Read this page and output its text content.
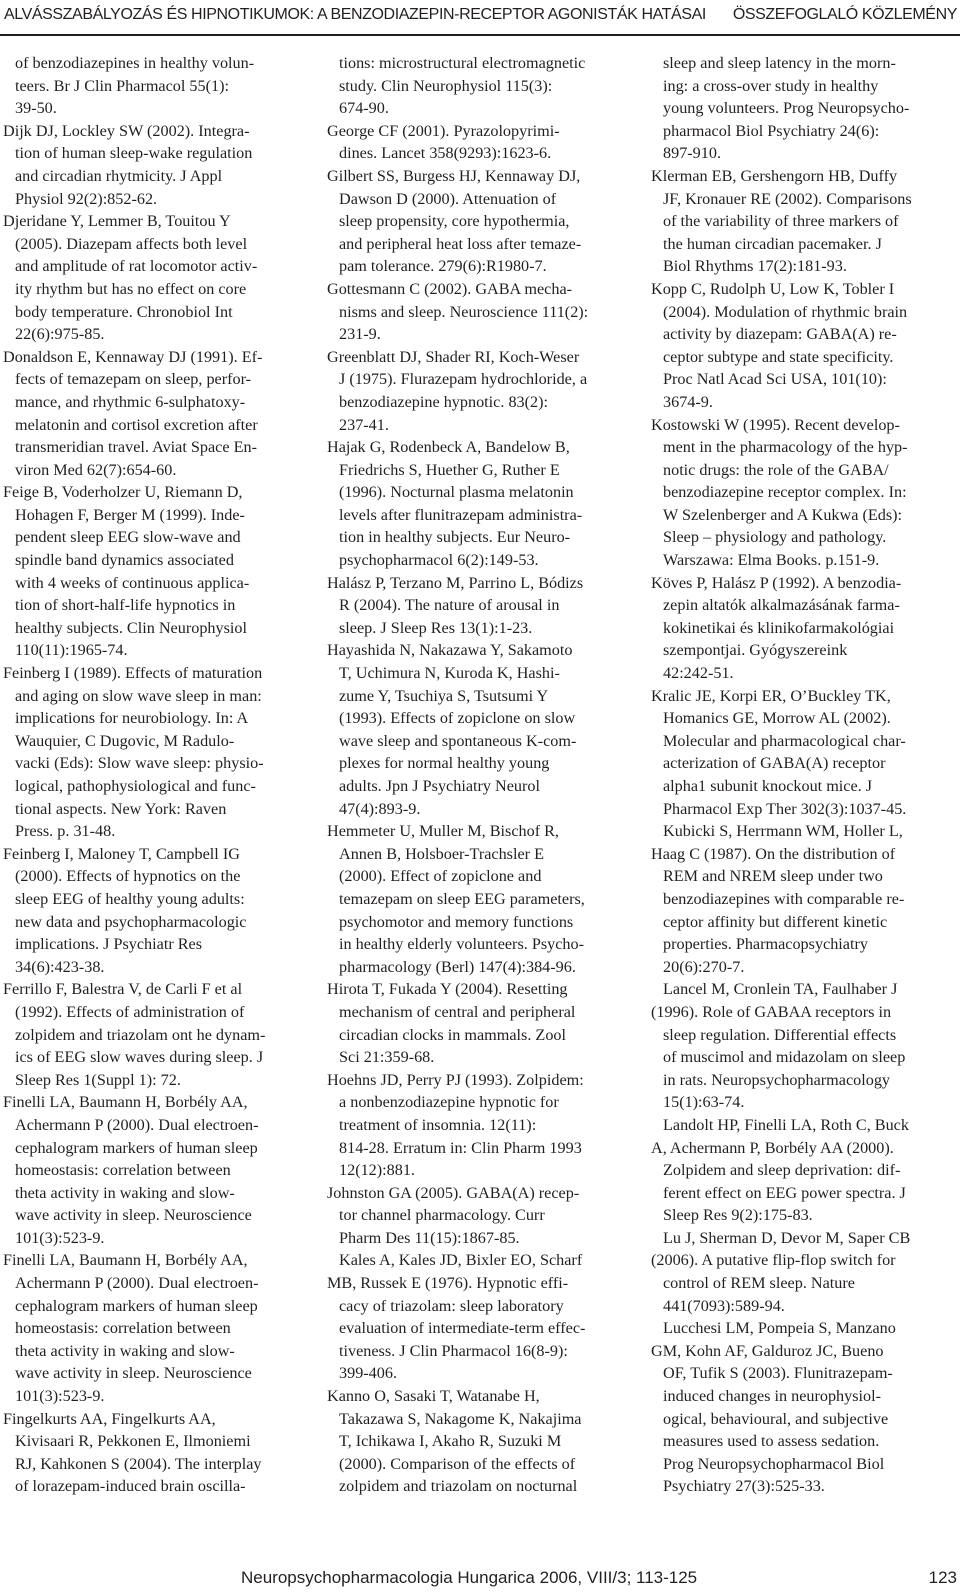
ALVÁSSZABÁLYOZÁS ÉS HIPNOTIKUMOK: A BENZODIAZEPIN-RECEPTOR AGONISTÁK HATÁSAI ÖSSZEFOGLALÓ KÖZLEMÉNY
of benzodiazepines in healthy volun-
teers. Br J Clin Pharmacol 55(1):
39-50.
Dijk DJ, Lockley SW (2002). Integra-
tion of human sleep-wake regulation
and circadian rhytmicity. J Appl
Physiol 92(2):852-62.
Djeridane Y, Lemmer B, Touitou Y
(2005). Diazepam affects both level
and amplitude of rat locomotor activ-
ity rhythm but has no effect on core
body temperature. Chronobiol Int
22(6):975-85.
Donaldson E, Kennaway DJ (1991). Ef-
fects of temazepam on sleep, perfor-
mance, and rhythmic 6-sulphatoxy-
melatonin and cortisol excretion after
transmeridian travel. Aviat Space En-
viron Med 62(7):654-60.
Feige B, Voderholzer U, Riemann D,
Hohagen F, Berger M (1999). Inde-
pendent sleep EEG slow-wave and
spindle band dynamics associated
with 4 weeks of continuous applica-
tion of short-half-life hypnotics in
healthy subjects. Clin Neurophysiol
110(11):1965-74.
Feinberg I (1989). Effects of maturation
and aging on slow wave sleep in man:
implications for neurobiology. In: A
Wauquier, C Dugovic, M Radulo-
vacki (Eds): Slow wave sleep: physio-
logical, pathophysiological and func-
tional aspects. New York: Raven
Press. p. 31-48.
Feinberg I, Maloney T, Campbell IG
(2000). Effects of hypnotics on the
sleep EEG of healthy young adults:
new data and psychopharmacologic
implications. J Psychiatr Res
34(6):423-38.
Ferrillo F, Balestra V, de Carli F et al
(1992). Effects of administration of
zolpidem and triazolam ont he dynam-
ics of EEG slow waves during sleep. J
Sleep Res 1(Suppl 1): 72.
Finelli LA, Baumann H, Borbély AA,
Achermann P (2000). Dual electroen-
cephalogram markers of human sleep
homeostasis: correlation between
theta activity in waking and slow-
wave activity in sleep. Neuroscience
101(3):523-9.
Finelli LA, Baumann H, Borbély AA,
Achermann P (2000). Dual electroen-
cephalogram markers of human sleep
homeostasis: correlation between
theta activity in waking and slow-
wave activity in sleep. Neuroscience
101(3):523-9.
Fingelkurts AA, Fingelkurts AA,
Kivisaari R, Pekkonen E, Ilmoniemi
RJ, Kahkonen S (2004). The interplay
of lorazepam-induced brain oscilla-
tions: microstructural electromagnetic
study. Clin Neurophysiol 115(3):
674-90.
George CF (2001). Pyrazolopyrimi-
dines. Lancet 358(9293):1623-6.
Gilbert SS, Burgess HJ, Kennaway DJ,
Dawson D (2000). Attenuation of
sleep propensity, core hypothermia,
and peripheral heat loss after temaze-
pam tolerance. 279(6):R1980-7.
Gottesmann C (2002). GABA mecha-
nisms and sleep. Neuroscience 111(2):
231-9.
Greenblatt DJ, Shader RI, Koch-Weser
J (1975). Flurazepam hydrochloride, a
benzodiazepine hypnotic. 83(2):
237-41.
Hajak G, Rodenbeck A, Bandelow B,
Friedrichs S, Huether G, Ruther E
(1996). Nocturnal plasma melatonin
levels after flunitrazepam administra-
tion in healthy subjects. Eur Neuro-
psychopharmacol 6(2):149-53.
Halász P, Terzano M, Parrino L, Bódizs
R (2004). The nature of arousal in
sleep. J Sleep Res 13(1):1-23.
Hayashida N, Nakazawa Y, Sakamoto
T, Uchimura N, Kuroda K, Hashi-
zume Y, Tsuchiya S, Tsutsumi Y
(1993). Effects of zopiclone on slow
wave sleep and spontaneous K-com-
plexes for normal healthy young
adults. Jpn J Psychiatry Neurol
47(4):893-9.
Hemmeter U, Muller M, Bischof R,
Annen B, Holsboer-Trachsler E
(2000). Effect of zopiclone and
temazepam on sleep EEG parameters,
psychomotor and memory functions
in healthy elderly volunteers. Psycho-
pharmacology (Berl) 147(4):384-96.
Hirota T, Fukada Y (2004). Resetting
mechanism of central and peripheral
circadian clocks in mammals. Zool
Sci 21:359-68.
Hoehns JD, Perry PJ (1993). Zolpidem:
a nonbenzodiazepine hypnotic for
treatment of insomnia. 12(11):
814-28. Erratum in: Clin Pharm 1993
12(12):881.
Johnston GA (2005). GABA(A) recep-
tor channel pharmacology. Curr
Pharm Des 11(15):1867-85.
Kales A, Kales JD, Bixler EO, Scharf
MB, Russek E (1976). Hypnotic effi-
cacy of triazolam: sleep laboratory
evaluation of intermediate-term effec-
tiveness. J Clin Pharmacol 16(8-9):
399-406.
Kanno O, Sasaki T, Watanabe H,
Takazawa S, Nakagome K, Nakajima
T, Ichikawa I, Akaho R, Suzuki M
(2000). Comparison of the effects of
zolpidem and triazolam on nocturnal
sleep and sleep latency in the morn-
ing: a cross-over study in healthy
young volunteers. Prog Neuropsycho-
pharmacol Biol Psychiatry 24(6):
897-910.
Klerman EB, Gershengorn HB, Duffy
JF, Kronauer RE (2002). Comparisons
of the variability of three markers of
the human circadian pacemaker. J
Biol Rhythms 17(2):181-93.
Kopp C, Rudolph U, Low K, Tobler I
(2004). Modulation of rhythmic brain
activity by diazepam: GABA(A) re-
ceptor subtype and state specificity.
Proc Natl Acad Sci USA, 101(10):
3674-9.
Kostowski W (1995). Recent develop-
ment in the pharmacology of the hyp-
notic drugs: the role of the GABA/
benzodiazepine receptor complex. In:
W Szelenberger and A Kukwa (Eds):
Sleep – physiology and pathology.
Warszawa: Elma Books. p.151-9.
Köves P, Halász P (1992). A benzodia-
zepin altatók alkalmazásának farma-
kokinetikai és klinikofarmakológiai
szempontjai. Gyógyszereink
42:242-51.
Kralic JE, Korpi ER, O’Buckley TK,
Homanics GE, Morrow AL (2002).
Molecular and pharmacological char-
acterization of GABA(A) receptor
alpha1 subunit knockout mice. J
Pharmacol Exp Ther 302(3):1037-45.
Kubicki S, Herrmann WM, Holler L,
Haag C (1987). On the distribution of
REM and NREM sleep under two
benzodiazepines with comparable re-
ceptor affinity but different kinetic
properties. Pharmacopsychiatry
20(6):270-7.
Lancel M, Cronlein TA, Faulhaber J
(1996). Role of GABAA receptors in
sleep regulation. Differential effects
of muscimol and midazolam on sleep
in rats. Neuropsychopharmacology
15(1):63-74.
Landolt HP, Finelli LA, Roth C, Buck
A, Achermann P, Borbély AA (2000).
Zolpidem and sleep deprivation: dif-
ferent effect on EEG power spectra. J
Sleep Res 9(2):175-83.
Lu J, Sherman D, Devor M, Saper CB
(2006). A putative flip-flop switch for
control of REM sleep. Nature
441(7093):589-94.
Lucchesi LM, Pompeia S, Manzano
GM, Kohn AF, Galduroz JC, Bueno
OF, Tufik S (2003). Flunitrazepam-
induced changes in neurophysiol-
ogical, behavioural, and subjective
measures used to assess sedation.
Prog Neuropsychopharmacol Biol
Psychiatry 27(3):525-33.
Neuropsychopharmacologia Hungarica 2006, VIII/3; 113-125	123
